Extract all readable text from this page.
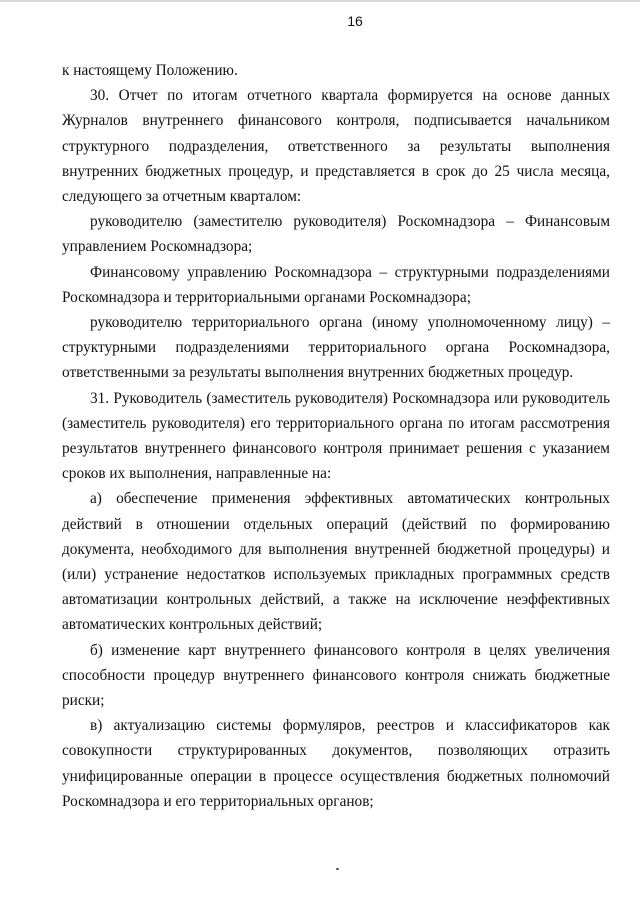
16

к настоящему Положению.

30. Отчет по итогам отчетного квартала формируется на основе данных Журналов внутреннего финансового контроля, подписывается начальником структурного подразделения, ответственного за результаты выполнения внутренних бюджетных процедур, и представляется в срок до 25 числа месяца, следующего за отчетным кварталом:

руководителю (заместителю руководителя) Роскомнадзора – Финансовым управлением Роскомнадзора;

Финансовому управлению Роскомнадзора – структурными подразделениями Роскомнадзора и территориальными органами Роскомнадзора;

руководителю территориального органа (иному уполномоченному лицу) – структурными подразделениями территориального органа Роскомнадзора, ответственными за результаты выполнения внутренних бюджетных процедур.

31. Руководитель (заместитель руководителя) Роскомнадзора или руководитель (заместитель руководителя) его территориального органа по итогам рассмотрения результатов внутреннего финансового контроля принимает решения с указанием сроков их выполнения, направленные на:

а) обеспечение применения эффективных автоматических контрольных действий в отношении отдельных операций (действий по формированию документа, необходимого для выполнения внутренней бюджетной процедуры) и (или) устранение недостатков используемых прикладных программных средств автоматизации контрольных действий, а также на исключение неэффективных автоматических контрольных действий;

б) изменение карт внутреннего финансового контроля в целях увеличения способности процедур внутреннего финансового контроля снижать бюджетные риски;

в) актуализацию системы формуляров, реестров и классификаторов как совокупности структурированных документов, позволяющих отразить унифицированные операции в процессе осуществления бюджетных полномочий Роскомнадзора и его территориальных органов;
